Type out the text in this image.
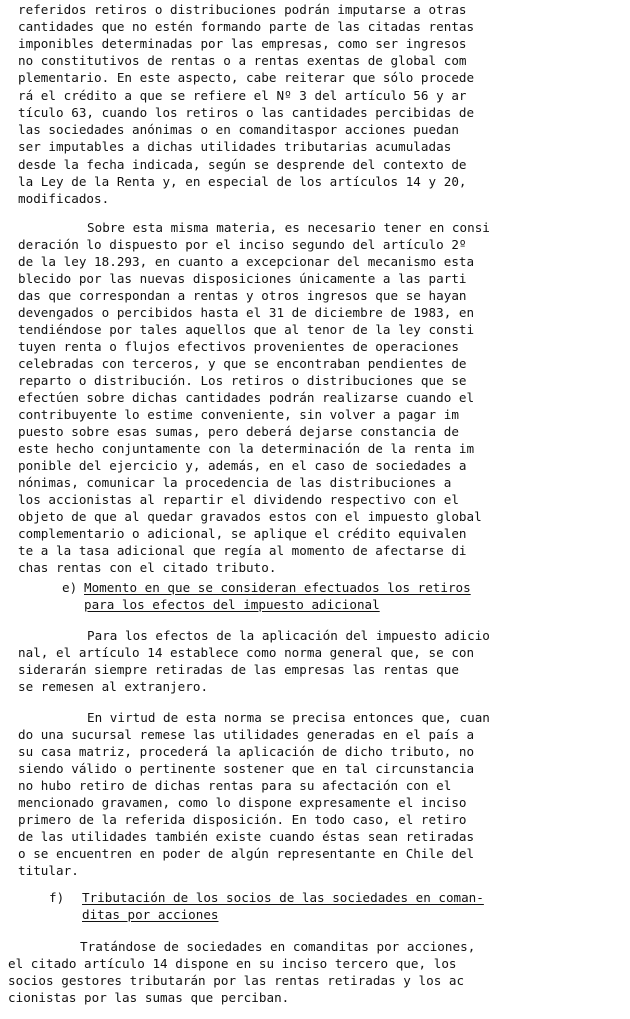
referidos retiros o distribuciones podrán imputarse a otras
cantidades que no estén formando parte de las citadas rentas
imponibles determinadas por las empresas, como ser ingresos
no constitutivos de rentas o a rentas exentas de global com
plementario. En este aspecto, cabe reiterar que sólo procede
rá el crédito a que se refiere el Nº 3 del artículo 56 y ar
tículo 63, cuando los retiros o las cantidades percibidas de
las sociedades anónimas o en comanditaspor acciones puedan
ser imputables a dichas utilidades tributarias acumuladas
desde la fecha indicada, según se desprende del contexto de
la Ley de la Renta y, en especial de los artículos 14 y 20,
modificados.
Sobre esta misma materia, es necesario tener en consi
deración lo dispuesto por el inciso segundo del artículo 2º
de la ley 18.293, en cuanto a excepcionar del mecanismo esta
blecido por las nuevas disposiciones únicamente a las parti
das que correspondan a rentas y otros ingresos que se hayan
devengados o percibidos hasta el 31 de diciembre de 1983, en
tendiéndose por tales aquellos que al tenor de la ley consti
tuyen renta o flujos efectivos provenientes de operaciones
celebradas con terceros, y que se encontraban pendientes de
reparto o distribución. Los retiros o distribuciones que se
efectúen sobre dichas cantidades podrán realizarse cuando el
contribuyente lo estime conveniente, sin volver a pagar im
puesto sobre esas sumas, pero deberá dejarse constancia de
este hecho conjuntamente con la determinación de la renta im
ponible del ejercicio y, además, en el caso de sociedades a
nónimas, comunicar la procedencia de las distribuciones a
los accionistas al repartir el dividendo respectivo con el
objeto de que al quedar gravados estos con el impuesto global
complementario o adicional, se aplique el crédito equivalen
te a la tasa adicional que regía al momento de afectarse di
chas rentas con el citado tributo.
e) Momento en que se consideran efectuados los retiros
para los efectos del impuesto adicional
Para los efectos de la aplicación del impuesto adicio
nal, el artículo 14 establece como norma general que, se con
siderarán siempre retiradas de las empresas las rentas que
se remesen al extranjero.
En virtud de esta norma se precisa entonces que, cuan
do una sucursal remese las utilidades generadas en el país a
su casa matriz, procederá la aplicación de dicho tributo, no
siendo válido o pertinente sostener que en tal circunstancia
no hubo retiro de dichas rentas para su afectación con el
mencionado gravamen, como lo dispone expresamente el inciso
primero de la referida disposición. En todo caso, el retiro
de las utilidades también existe cuando éstas sean retiradas
o se encuentren en poder de algún representante en Chile del
titular.
f) Tributación de los socios de las sociedades en coman-
ditas por acciones
Tratándose de sociedades en comanditas por acciones,
el citado artículo 14 dispone en su inciso tercero que, los
socios gestores tributarán por las rentas retiradas y los ac
cionistas por las sumas que perciban.
